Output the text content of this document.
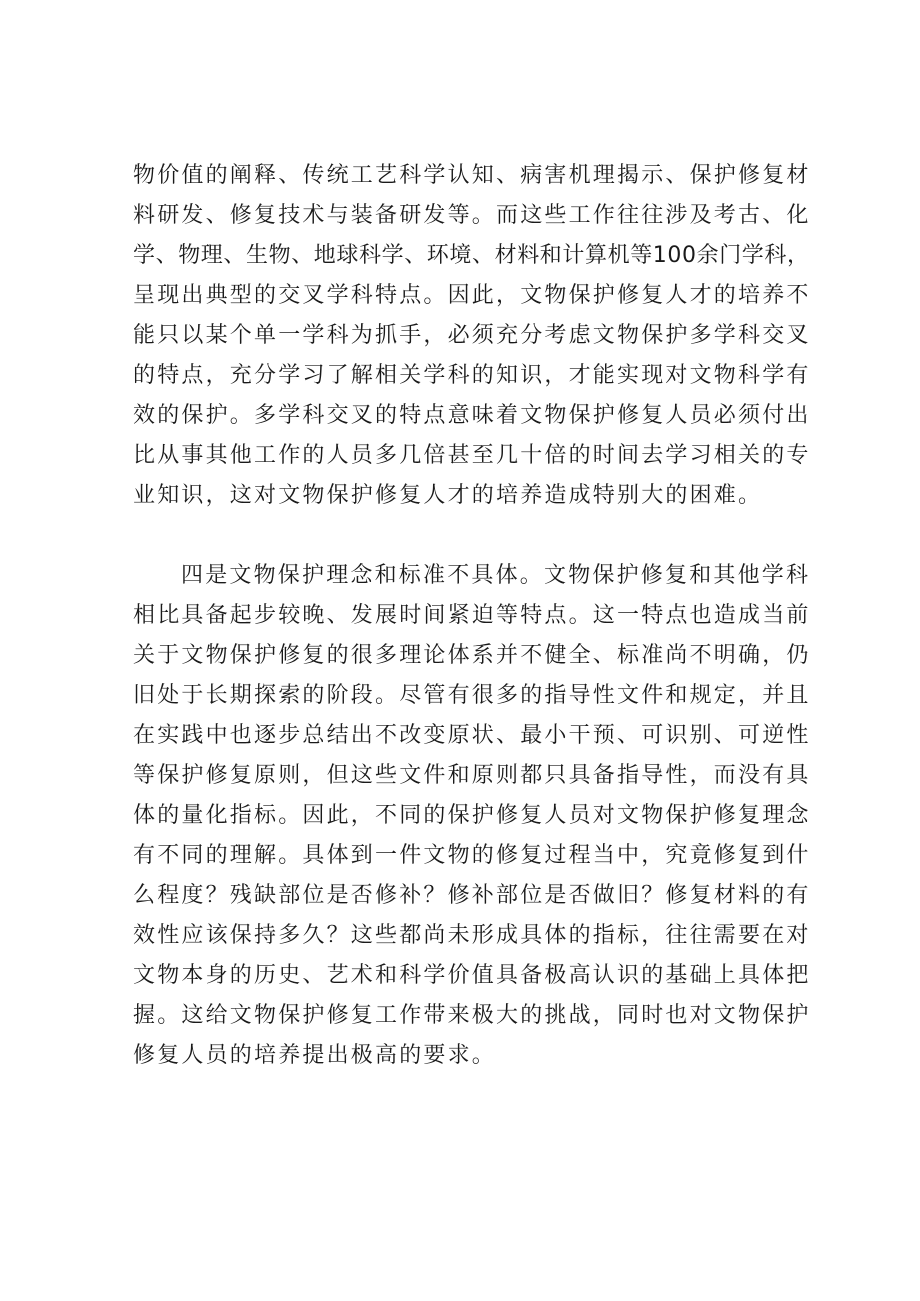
物价值的阐释、传统工艺科学认知、病害机理揭示、保护修复材
料研发、修复技术与装备研发等。而这些工作往往涉及考古、化
学、物理、生物、地球科学、环境、材料和计算机等100余门学科，
呈现出典型的交叉学科特点。因此，文物保护修复人才的培养不
能只以某个单一学科为抓手，必须充分考虑文物保护多学科交叉
的特点，充分学习了解相关学科的知识，才能实现对文物科学有
效的保护。多学科交叉的特点意味着文物保护修复人员必须付出
比从事其他工作的人员多几倍甚至几十倍的时间去学习相关的专
业知识，这对文物保护修复人才的培养造成特别大的困难。
四是文物保护理念和标准不具体。文物保护修复和其他学科
相比具备起步较晚、发展时间紧迫等特点。这一特点也造成当前
关于文物保护修复的很多理论体系并不健全、标准尚不明确，仍
旧处于长期探索的阶段。尽管有很多的指导性文件和规定，并且
在实践中也逐步总结出不改变原状、最小干预、可识别、可逆性
等保护修复原则，但这些文件和原则都只具备指导性，而没有具
体的量化指标。因此，不同的保护修复人员对文物保护修复理念
有不同的理解。具体到一件文物的修复过程当中，究竟修复到什
么程度？残缺部位是否修补？修补部位是否做旧？修复材料的有
效性应该保持多久？这些都尚未形成具体的指标，往往需要在对
文物本身的历史、艺术和科学价值具备极高认识的基础上具体把
握。这给文物保护修复工作带来极大的挑战，同时也对文物保护
修复人员的培养提出极高的要求。
